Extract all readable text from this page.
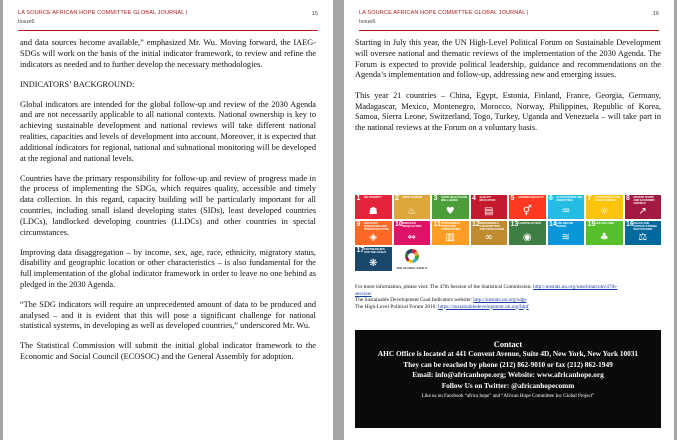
LA SOURCE AFRICAN HOPE COMMITTEE GLOBAL JOURNAL |
Issue6
15

and data sources become available,” emphasized Mr. Wu. Moving forward, the IAEG-SDGs will work on the basis of the initial indicator framework, to review and refine the indicators as needed and to further develop the necessary methodologies.

INDICATORS’ BACKGROUND:

Global indicators are intended for the global follow-up and review of the 2030 Agenda and are not necessarily applicable to all national contexts. National ownership is key to achieving sustainable development and national reviews will take different national realities, capacities and levels of development into account. Moreover, it is expected that additional indicators for regional, national and subnational monitoring will be developed at the regional and national levels.

Countries have the primary responsibility for follow-up and review of progress made in the process of implementing the SDGs, which requires quality, accessible and timely data collection. In this regard, capacity building will be particularly important for all countries, including small island developing states (SIDs), least developed countries (LDCs), landlocked developing countries (LLDCs) and other countries in special circumstances.

Improving data disaggregation – by income, sex, age, race, ethnicity, migratory status, disability and geographic location or other characteristics – is also fundamental for the full implementation of the global indicator framework in order to leave no one behind as pledged in the 2030 Agenda.

“The SDG indicators will require an unprecedented amount of data to be produced and analysed – and it is evident that this will pose a significant challenge for national statistical systems, in developing as well as developed countries,” underscored Mr. Wu.

The Statistical Commission will submit the initial global indicator framework to the Economic and Social Council (ECOSOC) and the General Assembly for adoption.

LA SOURCE AFRICAN HOPE COMMITTEE GLOBAL JOURNAL |
Issue6
16

Starting in July this year, the UN High-Level Political Forum on Sustainable Development will oversee national and thematic reviews of the implementation of the 2030 Agenda. The Forum is expected to provide political leadership, guidance and recommendations on the Agenda’s implementation and follow-up, addressing new and emerging issues.

This year 21 countries – China, Egypt, Estonia, Finland, France, Georgia, Germany, Madagascar, Mexico, Montenegro, Morocco, Norway, Philippines, Republic of Korea, Samoa, Sierra Leone, Switzerland, Togo, Turkey, Uganda and Venezuela – will take part in the national reviews at the Forum on a voluntary basis.

1 NO POVERTY
☗
2 ZERO HUNGER
♨
3 GOOD HEALTH AND WELL-BEING
♥
4 QUALITY EDUCATION
▤
5 GENDER EQUALITY
⚥
6 CLEAN WATER AND SANITATION
♒
7 AFFORDABLE AND CLEAN ENERGY
☼
8 DECENT WORK AND ECONOMIC GROWTH
↗
9 INDUSTRY, INNOVATION AND INFRASTRUCTURE
◈
10 REDUCED INEQUALITIES
⇔
11 SUSTAINABLE CITIES AND COMMUNITIES
▥
12 RESPONSIBLE CONSUMPTION AND PRODUCTION
∞
13 CLIMATE ACTION
◉
14 LIFE BELOW WATER
≋
15 LIFE ON LAND
♣
16 PEACE AND JUSTICE STRONG INSTITUTIONS
⚖
17 PARTNERSHIPS FOR THE GOALS
❋	THE GLOBAL GOALS
For more information, please visit: The 47th Session of the Statistical Commission: http://unstats.un.org/unsd/statcom/47th-
session/
The Sustainable Development Goal Indicators website: http://unstats.un.org/sdgs
The High-Level Political Forum 2016: https://sustainabledevelopment.un.org/hlpf
Contact
AHC Office is located at 441 Convent Avenue, Suite 4D, New York, New York 10031
They can be reached by phone (212) 862-9010 or fax (212) 862-1949
Email: info@africanhope.org; Website: www.africanhope.org
Follow Us on Twitter: @africanhopecomm
Like us on Facebook “africa hope” and “African Hope Committee Inc Global Project”
